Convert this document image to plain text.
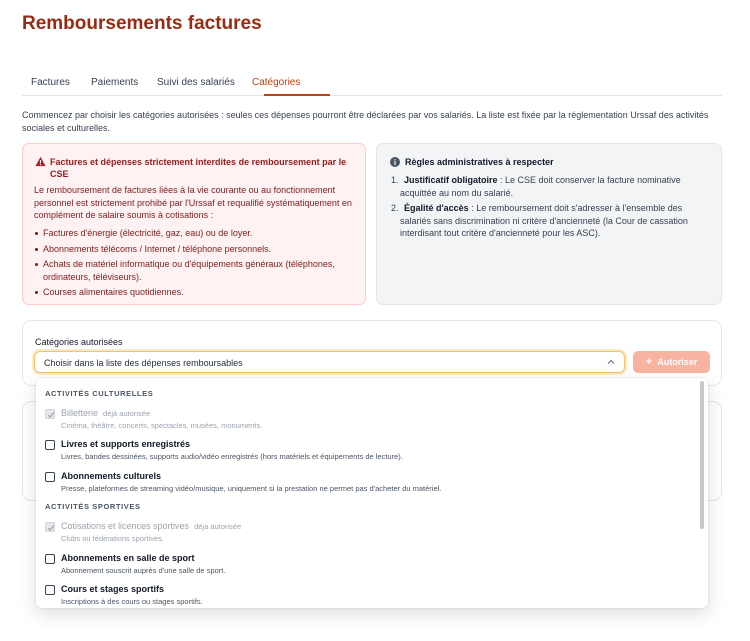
Remboursements factures
Factures Paiements Suivi des salariés Catégories

Commencez par choisir les catégories autorisées : seules ces dépenses pourront être déclarées par vos salariés. La liste est fixée par la réglementation Urssaf des activités sociales et culturelles.

Factures et dépenses strictement interdites de remboursement par le CSE

Le remboursement de factures liées à la vie courante ou au fonctionnement personnel est strictement prohibé par l'Urssaf et requalifié systématiquement en complément de salaire soumis à cotisations :

Factures d'énergie (électricité, gaz, eau) ou de loyer.
Abonnements télécoms / Internet / téléphone personnels.
Achats de matériel informatique ou d'équipements généraux (téléphones, ordinateurs, téléviseurs).
Courses alimentaires quotidiennes.
Règles administratives à respecter
1. Justificatif obligatoire : Le CSE doit conserver la facture nominative acquittée au nom du salarié.
2. Égalité d'accès : Le remboursement doit s'adresser à l'ensemble des salariés sans discrimination ni critère d'ancienneté (la Cour de cassation interdisant tout critère d'ancienneté pour les ASC).
Catégories autorisées
Choisir dans la liste des dépenses remboursables	+ Autoriser
ACTIVITÉS CULTURELLES
Billetterie déjà autorisée
Cinéma, théâtre, concerts, spectacles, musées, monuments.
Livres et supports enregistrés
Livres, bandes dessinées, supports audio/vidéo enregistrés (hors matériels et équipements de lecture).
Abonnements culturels
Presse, plateformes de streaming vidéo/musique, uniquement si la prestation ne permet pas d'acheter du matériel.
ACTIVITÉS SPORTIVES
Cotisations et licences sportives déjà autorisée
Clubs ou fédérations sportives.
Abonnements en salle de sport
Abonnement souscrit auprès d'une salle de sport.
Cours et stages sportifs
Inscriptions à des cours ou stages sportifs.
